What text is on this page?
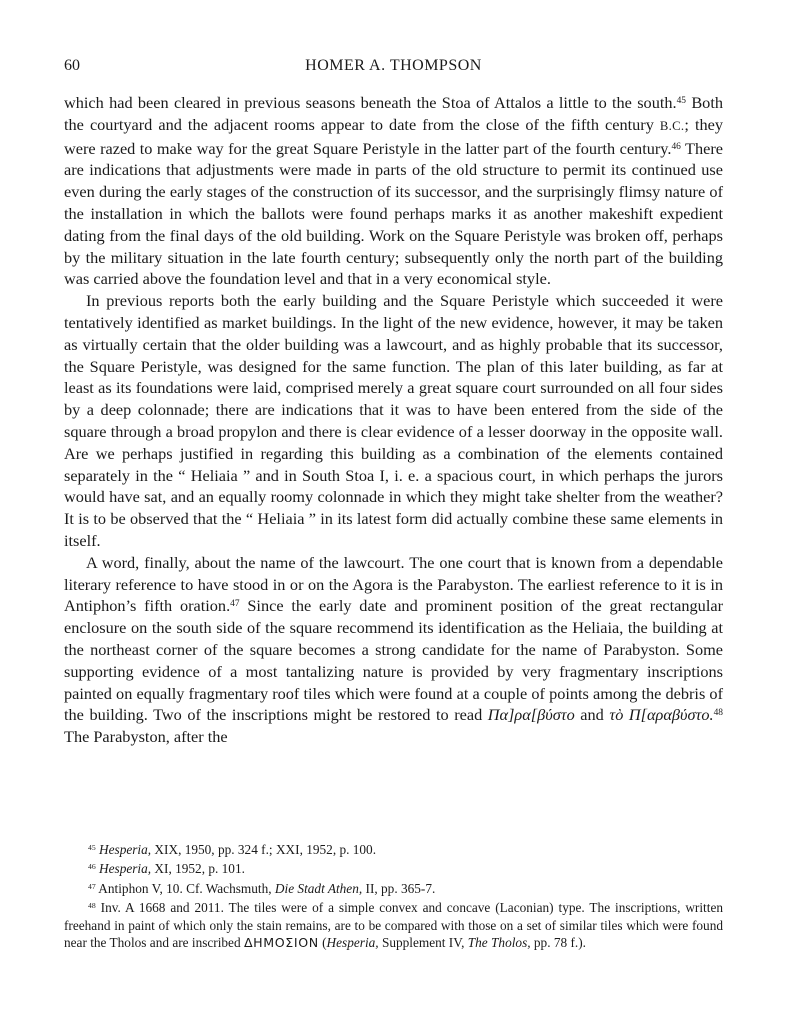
60	HOMER A. THOMPSON

which had been cleared in previous seasons beneath the Stoa of Attalos a little to the south.$^{45}$ Both the courtyard and the adjacent rooms appear to date from the close of the fifth century B.C.; they were razed to make way for the great Square Peristyle in the latter part of the fourth century.$^{46}$ There are indications that adjustments were made in parts of the old structure to permit its continued use even during the early stages of the construction of its successor, and the surprisingly flimsy nature of the installation in which the ballots were found perhaps marks it as another makeshift expedient dating from the final days of the old building. Work on the Square Peristyle was broken off, perhaps by the military situation in the late fourth century; subsequently only the north part of the building was carried above the foundation level and that in a very economical style.

In previous reports both the early building and the Square Peristyle which succeeded it were tentatively identified as market buildings. In the light of the new evidence, however, it may be taken as virtually certain that the older building was a lawcourt, and as highly probable that its successor, the Square Peristyle, was designed for the same function. The plan of this later building, as far at least as its foundations were laid, comprised merely a great square court surrounded on all four sides by a deep colonnade; there are indications that it was to have been entered from the side of the square through a broad propylon and there is clear evidence of a lesser doorway in the opposite wall. Are we perhaps justified in regarding this building as a combination of the elements contained separately in the “ Heliaia ” and in South Stoa I, i. e. a spacious court, in which perhaps the jurors would have sat, and an equally roomy colonnade in which they might take shelter from the weather? It is to be observed that the “ Heliaia ” in its latest form did actually combine these same elements in itself.

A word, finally, about the name of the lawcourt. The one court that is known from a dependable literary reference to have stood in or on the Agora is the Parabyston. The earliest reference to it is in Antiphon’s fifth oration.$^{47}$ Since the early date and prominent position of the great rectangular enclosure on the south side of the square recommend its identification as the Heliaia, the building at the northeast corner of the square becomes a strong candidate for the name of Parabyston. Some supporting evidence of a most tantalizing nature is provided by very fragmentary inscriptions painted on equally fragmentary roof tiles which were found at a couple of points among the debris of the building. Two of the inscriptions might be restored to read Πα]ρα[βύστο and τὸ Π[αραβύστο.$^{48}$ The Parabyston, after the

$^{45}$ Hesperia, XIX, 1950, pp. 324 f.; XXI, 1952, p. 100.

$^{46}$ Hesperia, XI, 1952, p. 101.

$^{47}$ Antiphon V, 10. Cf. Wachsmuth, Die Stadt Athen, II, pp. 365-7.

$^{48}$ Inv. A 1668 and 2011. The tiles were of a simple convex and concave (Laconian) type. The inscriptions, written freehand in paint of which only the stain remains, are to be compared with those on a set of similar tiles which were found near the Tholos and are inscribed ΔΗΜΟΣΙΟΝ (Hesperia, Supplement IV, The Tholos, pp. 78 f.).
